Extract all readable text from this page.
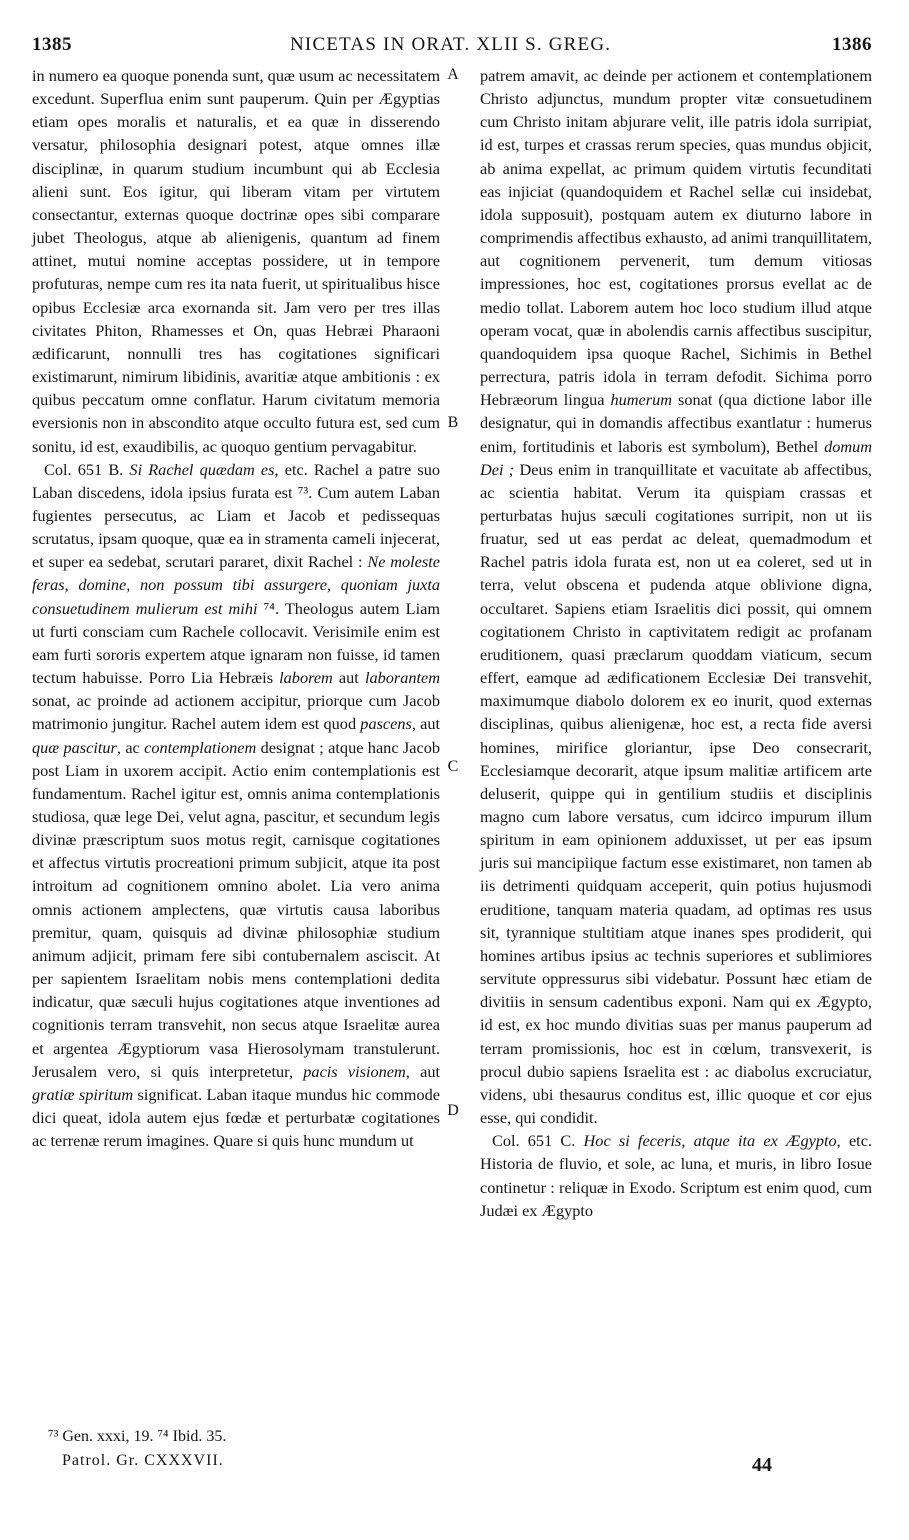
1385	NICETAS IN ORAT. XLII S. GREG.	1386

in numero ea quoque ponenda sunt, quæ usum ac necessitatem excedunt. Superflua enim sunt pauperum. Quin per Ægyptias etiam opes moralis et naturalis, et ea quæ in disserendo versatur, philosophia designari potest, atque omnes illæ disciplinæ, in quarum studium incumbunt qui ab Ecclesia alieni sunt. Eos igitur, qui liberam vitam per virtutem consectantur, externas quoque doctrinæ opes sibi comparare jubet Theologus, atque ab alienigenis, quantum ad finem attinet, mutui nomine acceptas possidere, ut in tempore profuturas, nempe cum res ita nata fuerit, ut spiritualibus hisce opibus Ecclesiæ arca exornanda sit. Jam vero per tres illas civitates Phiton, Rhamesses et On, quas Hebræi Pharaoni ædificarunt, nonnulli tres has cogitationes significari existimarunt, nimirum libidinis, avaritiæ atque ambitionis : ex quibus peccatum omne conflatur. Harum civitatum memoria eversionis non in abscondito atque occulto futura est, sed cum sonitu, id est, exaudibilis, ac quoquo gentium pervagabitur.

Col. 651 B. Si Rachel quædam es, etc. Rachel a patre suo Laban discedens, idola ipsius furata est ⁷³. Cum autem Laban fugientes persecutus, ac Liam et Jacob et pedissequas scrutatus, ipsam quoque, quæ ea in stramenta cameli injecerat, et super ea sedebat, scrutari pararet, dixit Rachel : Ne moleste feras, domine, non possum tibi assurgere, quoniam juxta consuetudinem mulierum est mihi ⁷⁴. Theologus autem Liam ut furti consciam cum Rachele collocavit. Verisimile enim est eam furti sororis expertem atque ignaram non fuisse, id tamen tectum habuisse. Porro Lia Hebræis laborem aut laborantem sonat, ac proinde ad actionem accipitur, priorque cum Jacob matrimonio jungitur. Rachel autem idem est quod pascens, aut quæ pascitur, ac contemplationem designat ; atque hanc Jacob post Liam in uxorem accipit. Actio enim contemplationis est fundamentum. Rachel igitur est, omnis anima contemplationis studiosa, quæ lege Dei, velut agna, pascitur, et secundum legis divinæ præscriptum suos motus regit, carnisque cogitationes et affectus virtutis procreationi primum subjicit, atque ita post introitum ad cognitionem omnino abolet. Lia vero anima omnis actionem amplectens, quæ virtutis causa laboribus premitur, quam, quisquis ad divinæ philosophiæ studium animum adjicit, primam fere sibi contubernalem asciscit. At per sapientem Israelitam nobis mens contemplationi dedita indicatur, quæ sæculi hujus cogitationes atque inventiones ad cognitionis terram transvehit, non secus atque Israelitæ aurea et argentea Ægyptiorum vasa Hierosolymam transtulerunt. Jerusalem vero, si quis interpretetur, pacis visionem, aut gratiæ spiritum significat. Laban itaque mundus hic commode dici queat, idola autem ejus fœdæ et perturbatæ cogitationes ac terrenæ rerum imagines. Quare si quis hunc mundum ut

A
B
C
D

patrem amavit, ac deinde per actionem et contemplationem Christo adjunctus, mundum propter vitæ consuetudinem cum Christo initam abjurare velit, ille patris idola surripiat, id est, turpes et crassas rerum species, quas mundus objicit, ab anima expellat, ac primum quidem virtutis fecunditati eas injiciat (quandoquidem et Rachel sellæ cui insidebat, idola supposuit), postquam autem ex diuturno labore in comprimendis affectibus exhausto, ad animi tranquillitatem, aut cognitionem pervenerit, tum demum vitiosas impressiones, hoc est, cogitationes prorsus evellat ac de medio tollat. Laborem autem hoc loco studium illud atque operam vocat, quæ in abolendis carnis affectibus suscipitur, quandoquidem ipsa quoque Rachel, Sichimis in Bethel perrectura, patris idola in terram defodit. Sichima porro Hebræorum lingua humerum sonat (qua dictione labor ille designatur, qui in domandis affectibus exantlatur : humerus enim, fortitudinis et laboris est symbolum), Bethel domum Dei ; Deus enim in tranquillitate et vacuitate ab affectibus, ac scientia habitat. Verum ita quispiam crassas et perturbatas hujus sæculi cogitationes surripit, non ut iis fruatur, sed ut eas perdat ac deleat, quemadmodum et Rachel patris idola furata est, non ut ea coleret, sed ut in terra, velut obscena et pudenda atque oblivione digna, occultaret. Sapiens etiam Israelitis dici possit, qui omnem cogitationem Christo in captivitatem redigit ac profanam eruditionem, quasi præclarum quoddam viaticum, secum effert, eamque ad ædificationem Ecclesiæ Dei transvehit, maximumque diabolo dolorem ex eo inurit, quod externas disciplinas, quibus alienigenæ, hoc est, a recta fide aversi homines, mirifice gloriantur, ipse Deo consecrarit, Ecclesiamque decorarit, atque ipsum malitiæ artificem arte deluserit, quippe qui in gentilium studiis et disciplinis magno cum labore versatus, cum idcirco impurum illum spiritum in eam opinionem adduxisset, ut per eas ipsum juris sui mancipiique factum esse existimaret, non tamen ab iis detrimenti quidquam acceperit, quin potius hujusmodi eruditione, tanquam materia quadam, ad optimas res usus sit, tyrannique stultitiam atque inanes spes prodiderit, qui homines artibus ipsius ac technis superiores et sublimiores servitute oppressurus sibi videbatur. Possunt hæc etiam de divitiis in sensum cadentibus exponi. Nam qui ex Ægypto, id est, ex hoc mundo divitias suas per manus pauperum ad terram promissionis, hoc est in cœlum, transvexerit, is procul dubio sapiens Israelita est : ac diabolus excruciatur, videns, ubi thesaurus conditus est, illic quoque et cor ejus esse, qui condidit.

Col. 651 C. Hoc si feceris, atque ita ex Ægypto, etc. Historia de fluvio, et sole, ac luna, et muris, in libro Iosue continetur : reliquæ in Exodo. Scriptum est enim quod, cum Judæi ex Ægypto

⁷³ Gen. xxxi, 19. ⁷⁴ Ibid. 35.
Patrol. Gr. CXXXVII.	44
